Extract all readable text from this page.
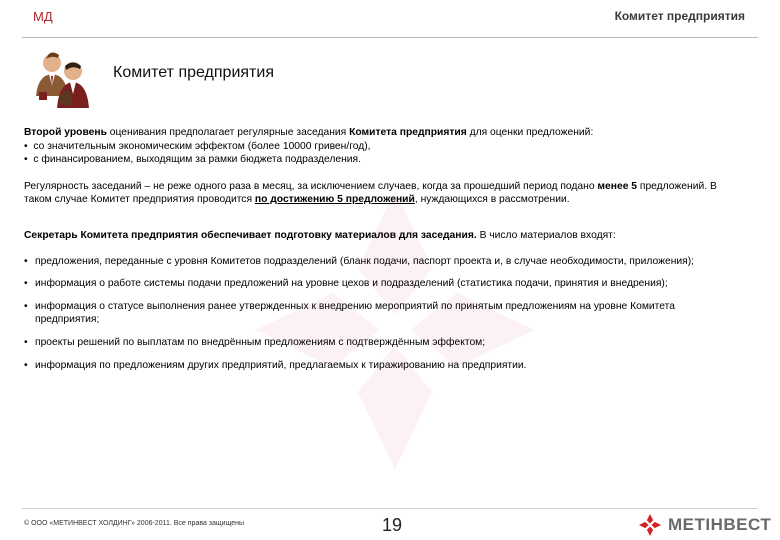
МД	Комитет предприятия
Комитет предприятия

Второй уровень оценивания предполагает регулярные заседания Комитета предприятия для оценки предложений:

• со значительным экономическим эффектом (более 10000 гривен/год),

• с финансированием, выходящим за рамки бюджета подразделения.

Регулярность заседаний – не реже одного раза в месяц, за исключением случаев, когда за прошедший период подано менее 5 предложений. В таком случае Комитет предприятия проводится по достижению 5 предложений, нуждающихся в рассмотрении.

Секретарь Комитета предприятия обеспечивает подготовку материалов для заседания. В число материалов входят:

• предложения, переданные с уровня Комитетов подразделений (бланк подачи, паспорт проекта и, в случае необходимости, приложения);
• информация о работе системы подачи предложений на уровне цехов и подразделений (статистика подачи, принятия и внедрения);
• информация о статусе выполнения ранее утвержденных к внедрению мероприятий по принятым предложениям на уровне Комитета предприятия;
• проекты решений по выплатам по внедрённым предложениям с подтверждённым эффектом;
• информация по предложениям других предприятий, предлагаемых к тиражированию на предприятии.
© ООО «МЕТИНВЕСТ ХОЛДИНГ» 2006-2011. Все права защищены	19	МЕТІНВЕСТ
